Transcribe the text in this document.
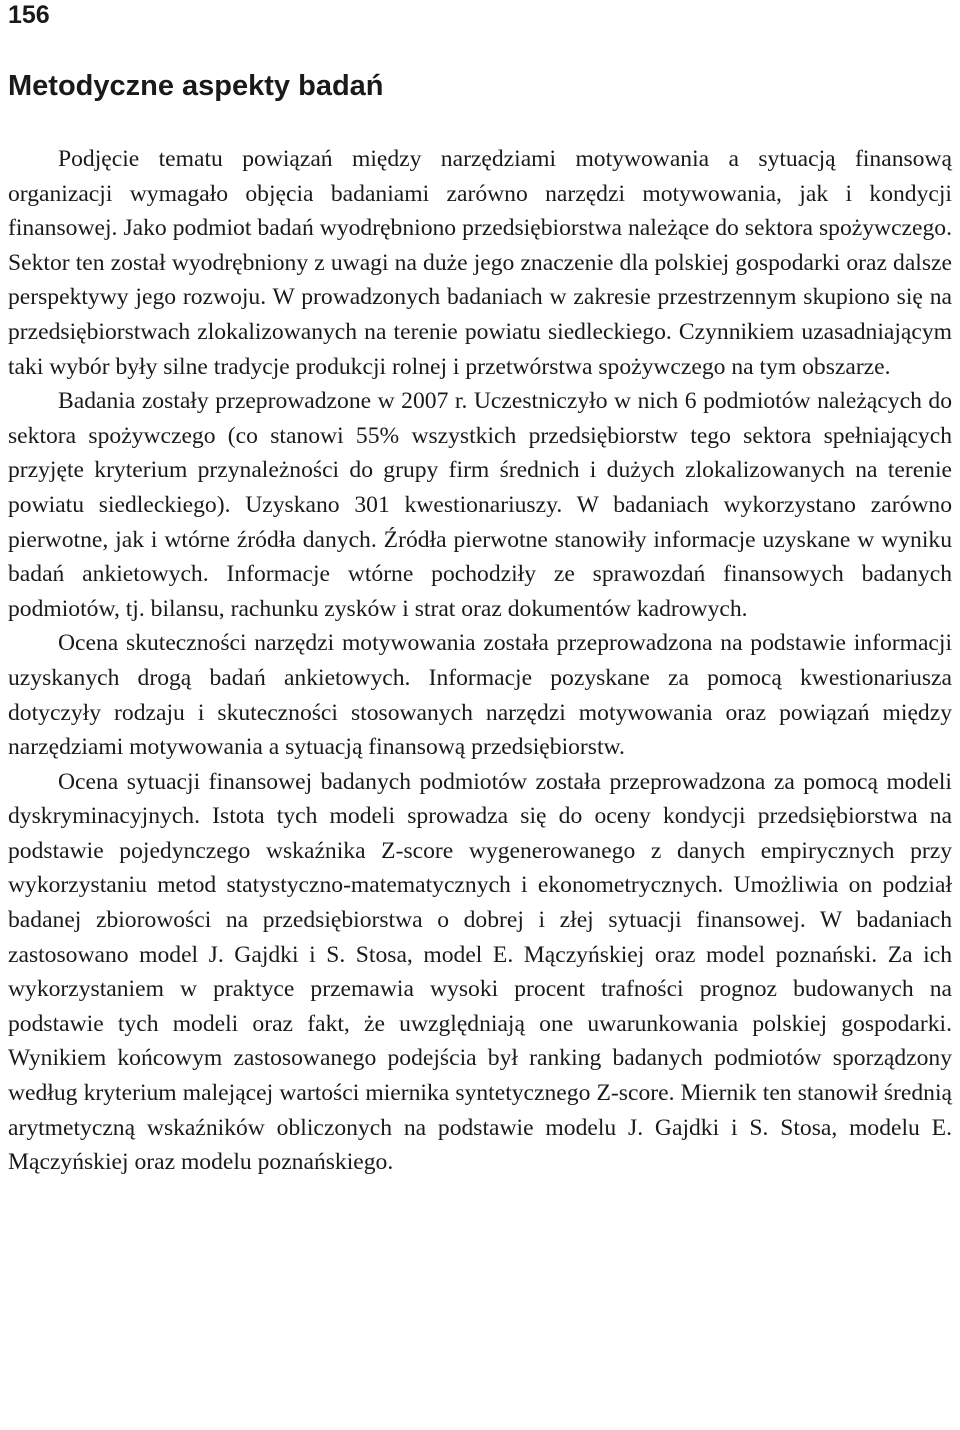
156
Metodyczne aspekty badań

Podjęcie tematu powiązań między narzędziami motywowania a sytuacją finansową organizacji wymagało objęcia badaniami zarówno narzędzi motywowania, jak i kondycji finansowej. Jako podmiot badań wyodrębniono przedsiębiorstwa należące do sektora spożywczego. Sektor ten został wyodrębniony z uwagi na duże jego znaczenie dla polskiej gospodarki oraz dalsze perspektywy jego rozwoju. W prowadzonych badaniach w zakresie przestrzennym skupiono się na przedsiębiorstwach zlokalizowanych na terenie powiatu siedleckiego. Czynnikiem uzasadniającym taki wybór były silne tradycje produkcji rolnej i przetwórstwa spożywczego na tym obszarze.

Badania zostały przeprowadzone w 2007 r. Uczestniczyło w nich 6 podmiotów należących do sektora spożywczego (co stanowi 55% wszystkich przedsiębiorstw tego sektora spełniających przyjęte kryterium przynależności do grupy firm średnich i dużych zlokalizowanych na terenie powiatu siedleckiego). Uzyskano 301 kwestionariuszy. W badaniach wykorzystano zarówno pierwotne, jak i wtórne źródła danych. Źródła pierwotne stanowiły informacje uzyskane w wyniku badań ankietowych. Informacje wtórne pochodziły ze sprawozdań finansowych badanych podmiotów, tj. bilansu, rachunku zysków i strat oraz dokumentów kadrowych.

Ocena skuteczności narzędzi motywowania została przeprowadzona na podstawie informacji uzyskanych drogą badań ankietowych. Informacje pozyskane za pomocą kwestionariusza dotyczyły rodzaju i skuteczności stosowanych narzędzi motywowania oraz powiązań między narzędziami motywowania a sytuacją finansową przedsiębiorstw.

Ocena sytuacji finansowej badanych podmiotów została przeprowadzona za pomocą modeli dyskryminacyjnych. Istota tych modeli sprowadza się do oceny kondycji przedsiębiorstwa na podstawie pojedynczego wskaźnika Z-score wygenerowanego z danych empirycznych przy wykorzystaniu metod statystyczno-matematycznych i ekonometrycznych. Umożliwia on podział badanej zbiorowości na przedsiębiorstwa o dobrej i złej sytuacji finansowej. W badaniach zastosowano model J. Gajdki i S. Stosa, model E. Mączyńskiej oraz model poznański. Za ich wykorzystaniem w praktyce przemawia wysoki procent trafności prognoz budowanych na podstawie tych modeli oraz fakt, że uwzględniają one uwarunkowania polskiej gospodarki. Wynikiem końcowym zastosowanego podejścia był ranking badanych podmiotów sporządzony według kryterium malejącej wartości miernika syntetycznego Z-score. Miernik ten stanowił średnią arytmetyczną wskaźników obliczonych na podstawie modelu J. Gajdki i S. Stosa, modelu E. Mączyńskiej oraz modelu poznańskiego.
